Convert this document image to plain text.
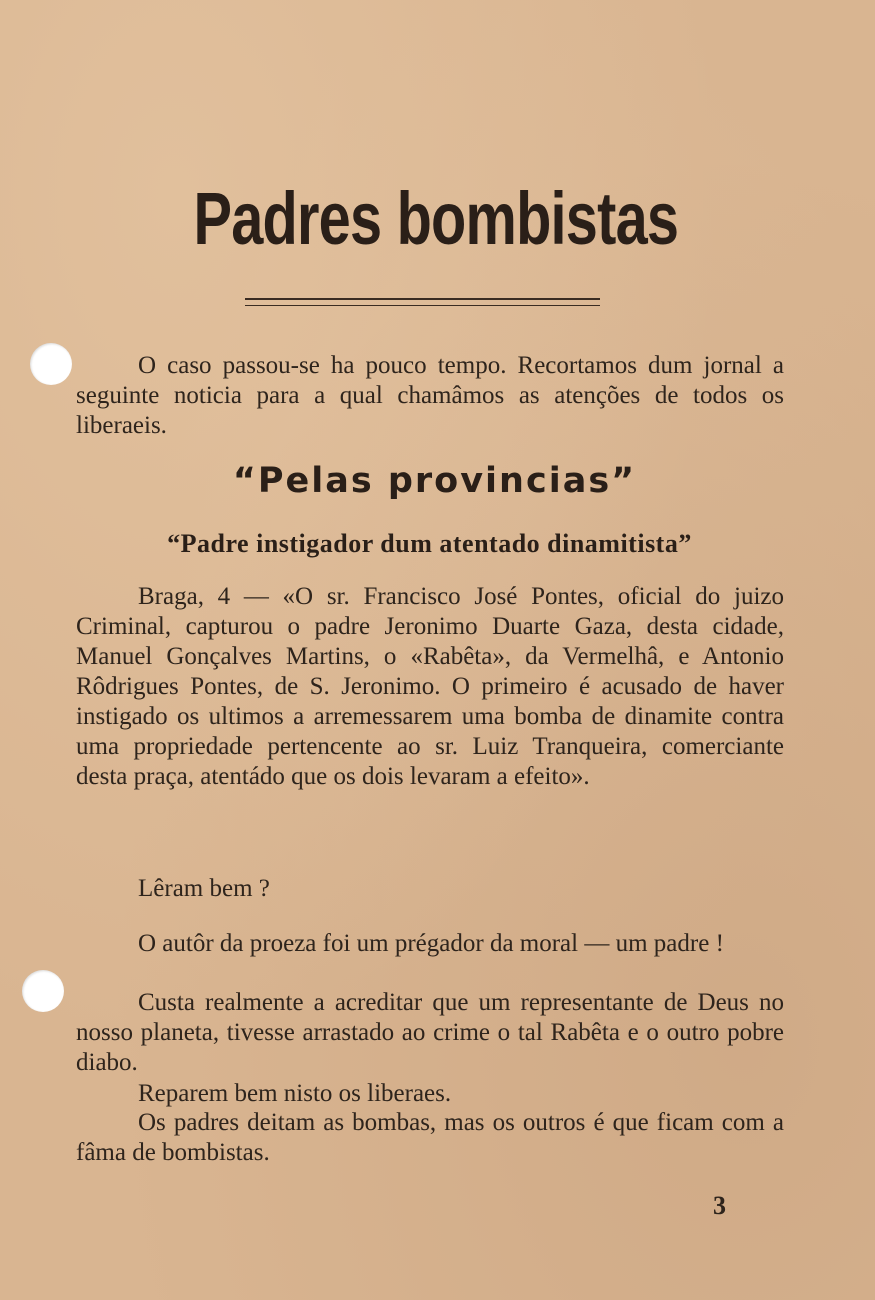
Padres bombistas

O caso passou-se ha pouco tempo. Recortamos dum jornal a seguinte noticia para a qual chamâmos as atenções de todos os liberaeis.

“Pelas provincias”
“Padre instigador dum atentado dinamitista”

Braga, 4 — «O sr. Francisco José Pontes, oficial do juizo Criminal, capturou o padre Jeronimo Duarte Gaza, desta cidade, Manuel Gonçalves Martins, o «Rabêta», da Vermelhâ, e Antonio Rôdrigues Pontes, de S. Jeronimo. O primeiro é acusado de haver instigado os ultimos a arremessarem uma bomba de dinamite contra uma propriedade pertencente ao sr. Luiz Tranqueira, comerciante desta praça, atentádo que os dois levaram a efeito».

Lêram bem ?

O autôr da proeza foi um prégador da moral — um padre !

Custa realmente a acreditar que um representante de Deus no nosso planeta, tivesse arrastado ao crime o tal Rabêta e o outro pobre diabo.

Reparem bem nisto os liberaes.

Os padres deitam as bombas, mas os outros é que ficam com a fâma de bombistas.

3
